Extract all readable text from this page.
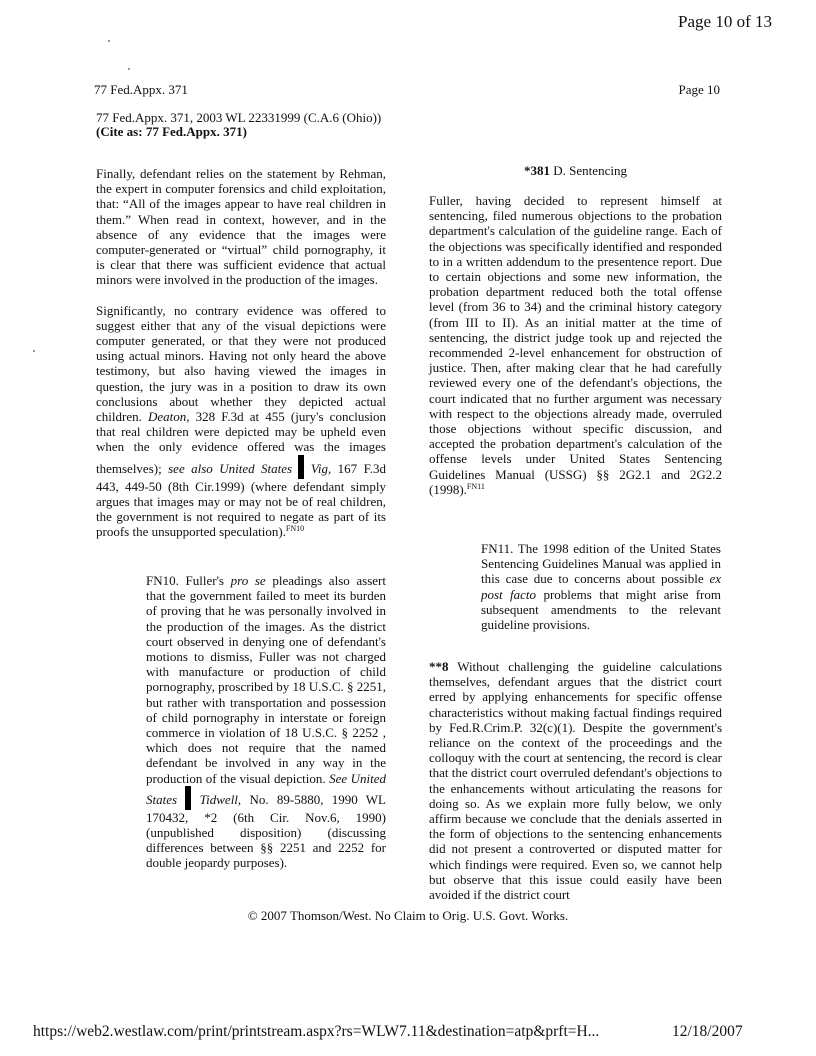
Page 10 of 13
77 Fed.Appx. 371	Page 10
77 Fed.Appx. 371, 2003 WL 22331999 (C.A.6 (Ohio))
(Cite as: 77 Fed.Appx. 371)

Finally, defendant relies on the statement by Rehman, the expert in computer forensics and child exploitation, that: “All of the images appear to have real children in them.” When read in context, however, and in the absence of any evidence that the images were computer-generated or “virtual” child pornography, it is clear that there was sufficient evidence that actual minors were involved in the production of the images.

Significantly, no contrary evidence was offered to suggest either that any of the visual depictions were computer generated, or that they were not produced using actual minors. Having not only heard the above testimony, but also having viewed the images in question, the jury was in a position to draw its own conclusions about whether they depicted actual children. Deaton, 328 F.3d at 455 (jury's conclusion that real children were depicted may be upheld even when the only evidence offered was the images themselves); see also United States Vig, 167 F.3d 443, 449-50 (8th Cir.1999) (where defendant simply argues that images may or may not be of real children, the government is not required to negate as part of its proofs the unsupported speculation).$^{FN10}$

FN10. Fuller's pro se pleadings also assert that the government failed to meet its burden of proving that he was personally involved in the production of the images. As the district court observed in denying one of defendant's motions to dismiss, Fuller was not charged with manufacture or production of child pornography, proscribed by 18 U.S.C. § 2251, but rather with transportation and possession of child pornography in interstate or foreign commerce in violation of 18 U.S.C. § 2252 , which does not require that the named defendant be involved in any way in the production of the visual depiction. See United States Tidwell, No. 89-5880, 1990 WL 170432, *2 (6th Cir. Nov.6, 1990) (unpublished disposition) (discussing differences between §§ 2251 and 2252 for double jeopardy purposes).

*381 D. Sentencing

Fuller, having decided to represent himself at sentencing, filed numerous objections to the probation department's calculation of the guideline range. Each of the objections was specifically identified and responded to in a written addendum to the presentence report. Due to certain objections and some new information, the probation department reduced both the total offense level (from 36 to 34) and the criminal history category (from III to II). As an initial matter at the time of sentencing, the district judge took up and rejected the recommended 2-level enhancement for obstruction of justice. Then, after making clear that he had carefully reviewed every one of the defendant's objections, the court indicated that no further argument was necessary with respect to the objections already made, overruled those objections without specific discussion, and accepted the probation department's calculation of the offense levels under United States Sentencing Guidelines Manual (USSG) §§ 2G2.1 and 2G2.2 (1998).$^{FN11}$

FN11. The 1998 edition of the United States Sentencing Guidelines Manual was applied in this case due to concerns about possible ex post facto problems that might arise from subsequent amendments to the relevant guideline provisions.

**8 Without challenging the guideline calculations themselves, defendant argues that the district court erred by applying enhancements for specific offense characteristics without making factual findings required by Fed.R.Crim.P. 32(c)(1). Despite the government's reliance on the context of the proceedings and the colloquy with the court at sentencing, the record is clear that the district court overruled defendant's objections to the enhancements without articulating the reasons for doing so. As we explain more fully below, we only affirm because we conclude that the denials asserted in the form of objections to the sentencing enhancements did not present a controverted or disputed matter for which findings were required. Even so, we cannot help but observe that this issue could easily have been avoided if the district court

© 2007 Thomson/West. No Claim to Orig. U.S. Govt. Works.
https://web2.westlaw.com/print/printstream.aspx?rs=WLW7.11&destination=atp&prft=H...	12/18/2007
